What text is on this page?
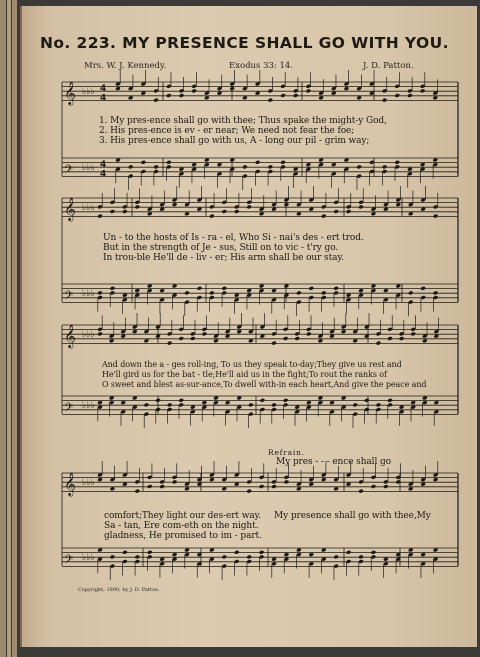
𝄞 ♭♭♭ 4
4
𝄢 ♭♭♭ 4
4
𝄞 ♭♭♭
𝄢 ♭♭♭
𝄞 ♭♭♭
𝄢 ♭♭♭
𝄞 ♭♭♭
𝄢 ♭♭♭
No. 223. MY PRESENCE SHALL GO WITH YOU.
Mrs. W. J. Kennedy.	Exodus 33: 14.	J. D. Patton.
1. My pres-ence shall go with thee; Thus spake the might-y God,
2. His pres-ence is ev - er near; We need not fear the foe;
3. His pres-ence shall go with us, A - long our pil - grim way;
Un - to the hosts of Is - ra - el, Who Si - nai's des - ert trod.
But in the strength of Je - sus, Still on to vic - t'ry go.
In trou-ble He'll de - liv - er; His arm shall be our stay.
And down the a - ges roll-ing, To us they speak to-day;They give us rest and
He'll gird us for the bat - tle;He'll aid us in the fight;To rout the ranks of
O sweet and blest as-sur-ance,To dwell with-in each heart,And give the peace and
Refrain.
My pres - - - ence shall go
comfort;They light our des-ert way.
Sa - tan, Ere com-eth on the night.
gladness, He promised to im - part.
My presence shall go with thee,My
Copyright, 1899, by J. D. Patton.
